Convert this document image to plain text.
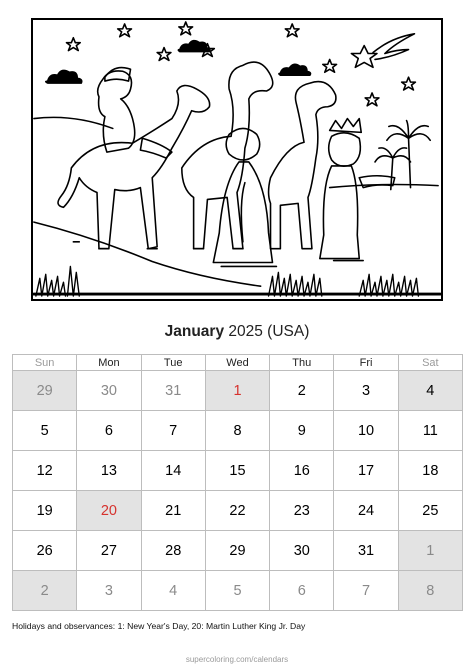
January 2025 (USA)
Sun	Mon	Tue	Wed	Thu	Fri	Sat
29	30	31	1	2	3	4
5	6	7	8	9	10	11
12	13	14	15	16	17	18
19	20	21	22	23	24	25
26	27	28	29	30	31	1
2	3	4	5	6	7	8
Holidays and observances: 1: New Year's Day, 20: Martin Luther King Jr. Day
supercoloring.com/calendars
